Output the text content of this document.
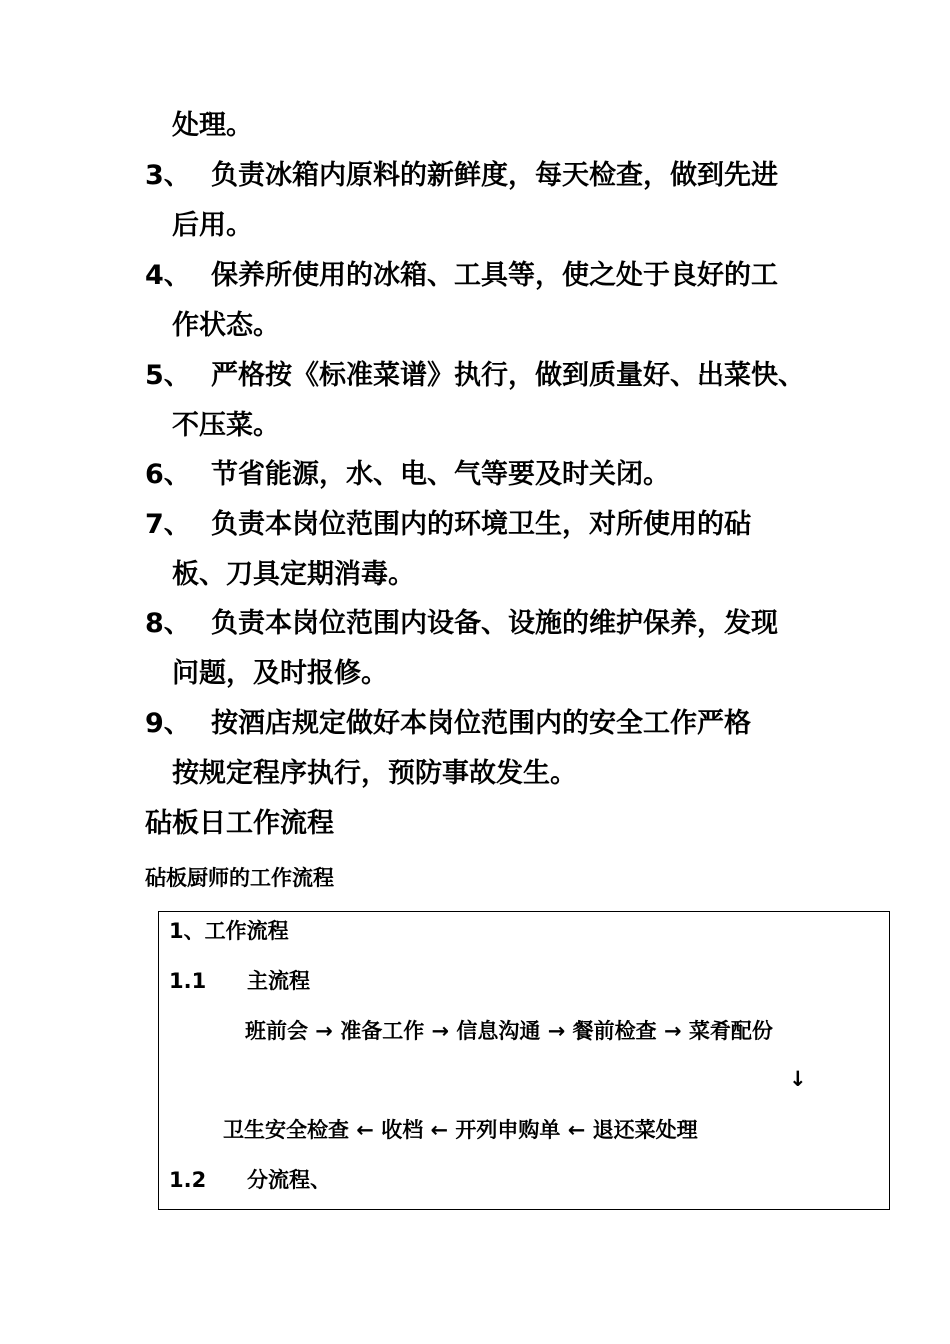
处理。
3、 负责冰箱内原料的新鲜度，每天检查，做到先进
后用。
4、 保养所使用的冰箱、工具等，使之处于良好的工
作状态。
5、 严格按《标准菜谱》执行，做到质量好、出菜快、
不压菜。
6、 节省能源，水、电、气等要及时关闭。
7、 负责本岗位范围内的环境卫生，对所使用的砧
板、刀具定期消毒。
8、 负责本岗位范围内设备、设施的维护保养，发现
问题，及时报修。
9、 按酒店规定做好本岗位范围内的安全工作严格
按规定程序执行，预防事故发生。
砧板日工作流程
砧板厨师的工作流程
1、工作流程
1.1 主流程
班前会 → 准备工作 → 信息沟通 → 餐前检查 → 菜肴配份
↓
卫生安全检查 ← 收档 ← 开列申购单 ← 退还菜处理
1.2 分流程、
